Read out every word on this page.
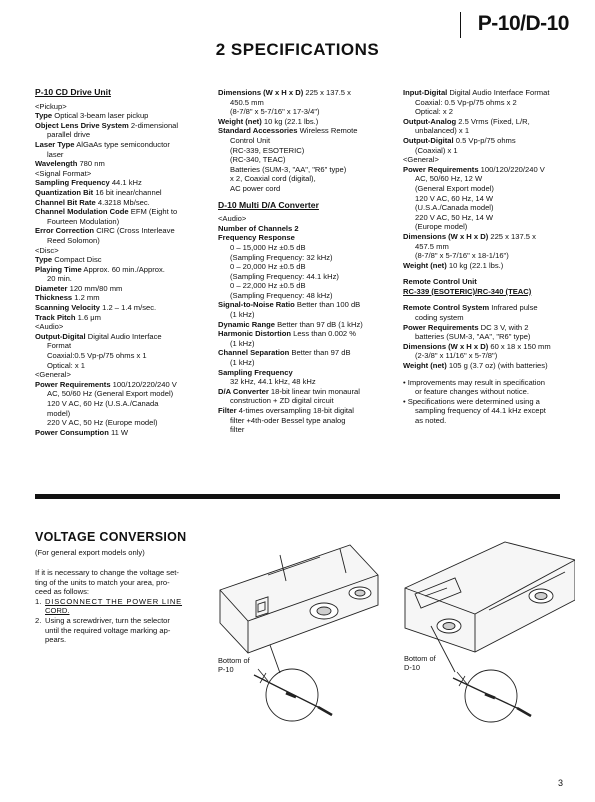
P-10/D-10
2 SPECIFICATIONS
P-10 CD Drive Unit
<Pickup>
Type Optical 3-beam laser pickup
Object Lens Drive System 2-dimensional
parallel drive
Laser Type AlGaAs type semiconductor
laser
Wavelength 780 nm
<Signal Format>
Sampling Frequency 44.1 kHz
Quantization Bit 16 bit inear/channel
Channel Bit Rate 4.3218 Mb/sec.
Channel Modulation Code EFM (Eight to
Fourteen Modulation)
Error Correction CIRC (Cross Interleave
Reed Solomon)
<Disc>
Type Compact Disc
Playing Time Approx. 60 min./Approx.
20 min.
Diameter 120 mm/80 mm
Thickness 1.2 mm
Scanning Velocity 1.2 – 1.4 m/sec.
Track Pitch 1.6 μm
<Audio>
Output-Digital Digital Audio Interface
Format
Coaxial:0.5 Vp-p/75 ohms x 1
Optical: x 1
<General>
Power Requirements 100/120/220/240 V
AC, 50/60 Hz (General Export model)
120 V AC, 60 Hz (U.S.A./Canada
model)
220 V AC, 50 Hz (Europe model)
Power Consumption 11 W
Dimensions (W x H x D) 225 x 137.5 x
450.5 mm
(8-7/8" x 5-7/16" x 17-3/4")
Weight (net) 10 kg (22.1 lbs.)
Standard Accessories Wireless Remote
Control Unit
(RC-339, ESOTERIC)
(RC-340, TEAC)
Batteries (SUM-3, "AA", "R6" type)
x 2, Coaxial cord (digital),
AC power cord
D-10 Multi D/A Converter
<Audio>
Number of Channels 2
Frequency Response
0 – 15,000 Hz ±0.5 dB
(Sampling Frequency: 32 kHz)
0 – 20,000 Hz ±0.5 dB
(Sampling Frequency: 44.1 kHz)
0 – 22,000 Hz ±0.5 dB
(Sampling Frequency: 48 kHz)
Signal-to-Noise Ratio Better than 100 dB
(1 kHz)
Dynamic Range Better than 97 dB (1 kHz)
Harmonic Distortion Less than 0.002 %
(1 kHz)
Channel Separation Better than 97 dB
(1 kHz)
Sampling Frequency
32 kHz, 44.1 kHz, 48 kHz
D/A Converter 18-bit linear twin monaural
construction + ZD digital circuit
Filter 4-times oversampling 18-bit digital
filter +4th-oder Bessel type analog
filter
Input-Digital Digital Audio Interface Format
Coaxial: 0.5 Vp-p/75 ohms x 2
Optical: x 2
Output-Analog 2.5 Vrms (Fixed, L/R,
unbalanced) x 1
Output-Digital 0.5 Vp-p/75 ohms
(Coaxial) x 1
<General>
Power Requirements 100/120/220/240 V
AC, 50/60 Hz, 12 W
(General Export model)
120 V AC, 60 Hz, 14 W
(U.S.A./Canada model)
220 V AC, 50 Hz, 14 W
(Europe model)
Dimensions (W x H x D) 225 x 137.5 x
457.5 mm
(8-7/8" x 5-7/16" x 18-1/16")
Weight (net) 10 kg (22.1 lbs.)
Remote Control Unit
RC-339 (ESOTERIC)/RC-340 (TEAC)
Remote Control System Infrared pulse
coding system
Power Requirements DC 3 V, with 2
batteries (SUM-3, "AA", "R6" type)
Dimensions (W x H x D) 60 x 18 x 150 mm
(2-3/8" x 11/16" x 5-7/8")
Weight (net) 105 g (3.7 oz) (with batteries)
• Improvements may result in specification
or feature changes without notice.
• Specifications were determined using a
sampling frequency of 44.1 kHz except
as noted.
VOLTAGE CONVERSION
(For general export models only)
If it is necessary to change the voltage set-
ting of the units to match your area, pro-
ceed as follows:
1. DISCONNECT THE POWER LINE
CORD.
2. Using a screwdriver, turn the selector
until the required voltage marking ap-
pears.
Bottom of
P-10
Bottom of
D-10
3
